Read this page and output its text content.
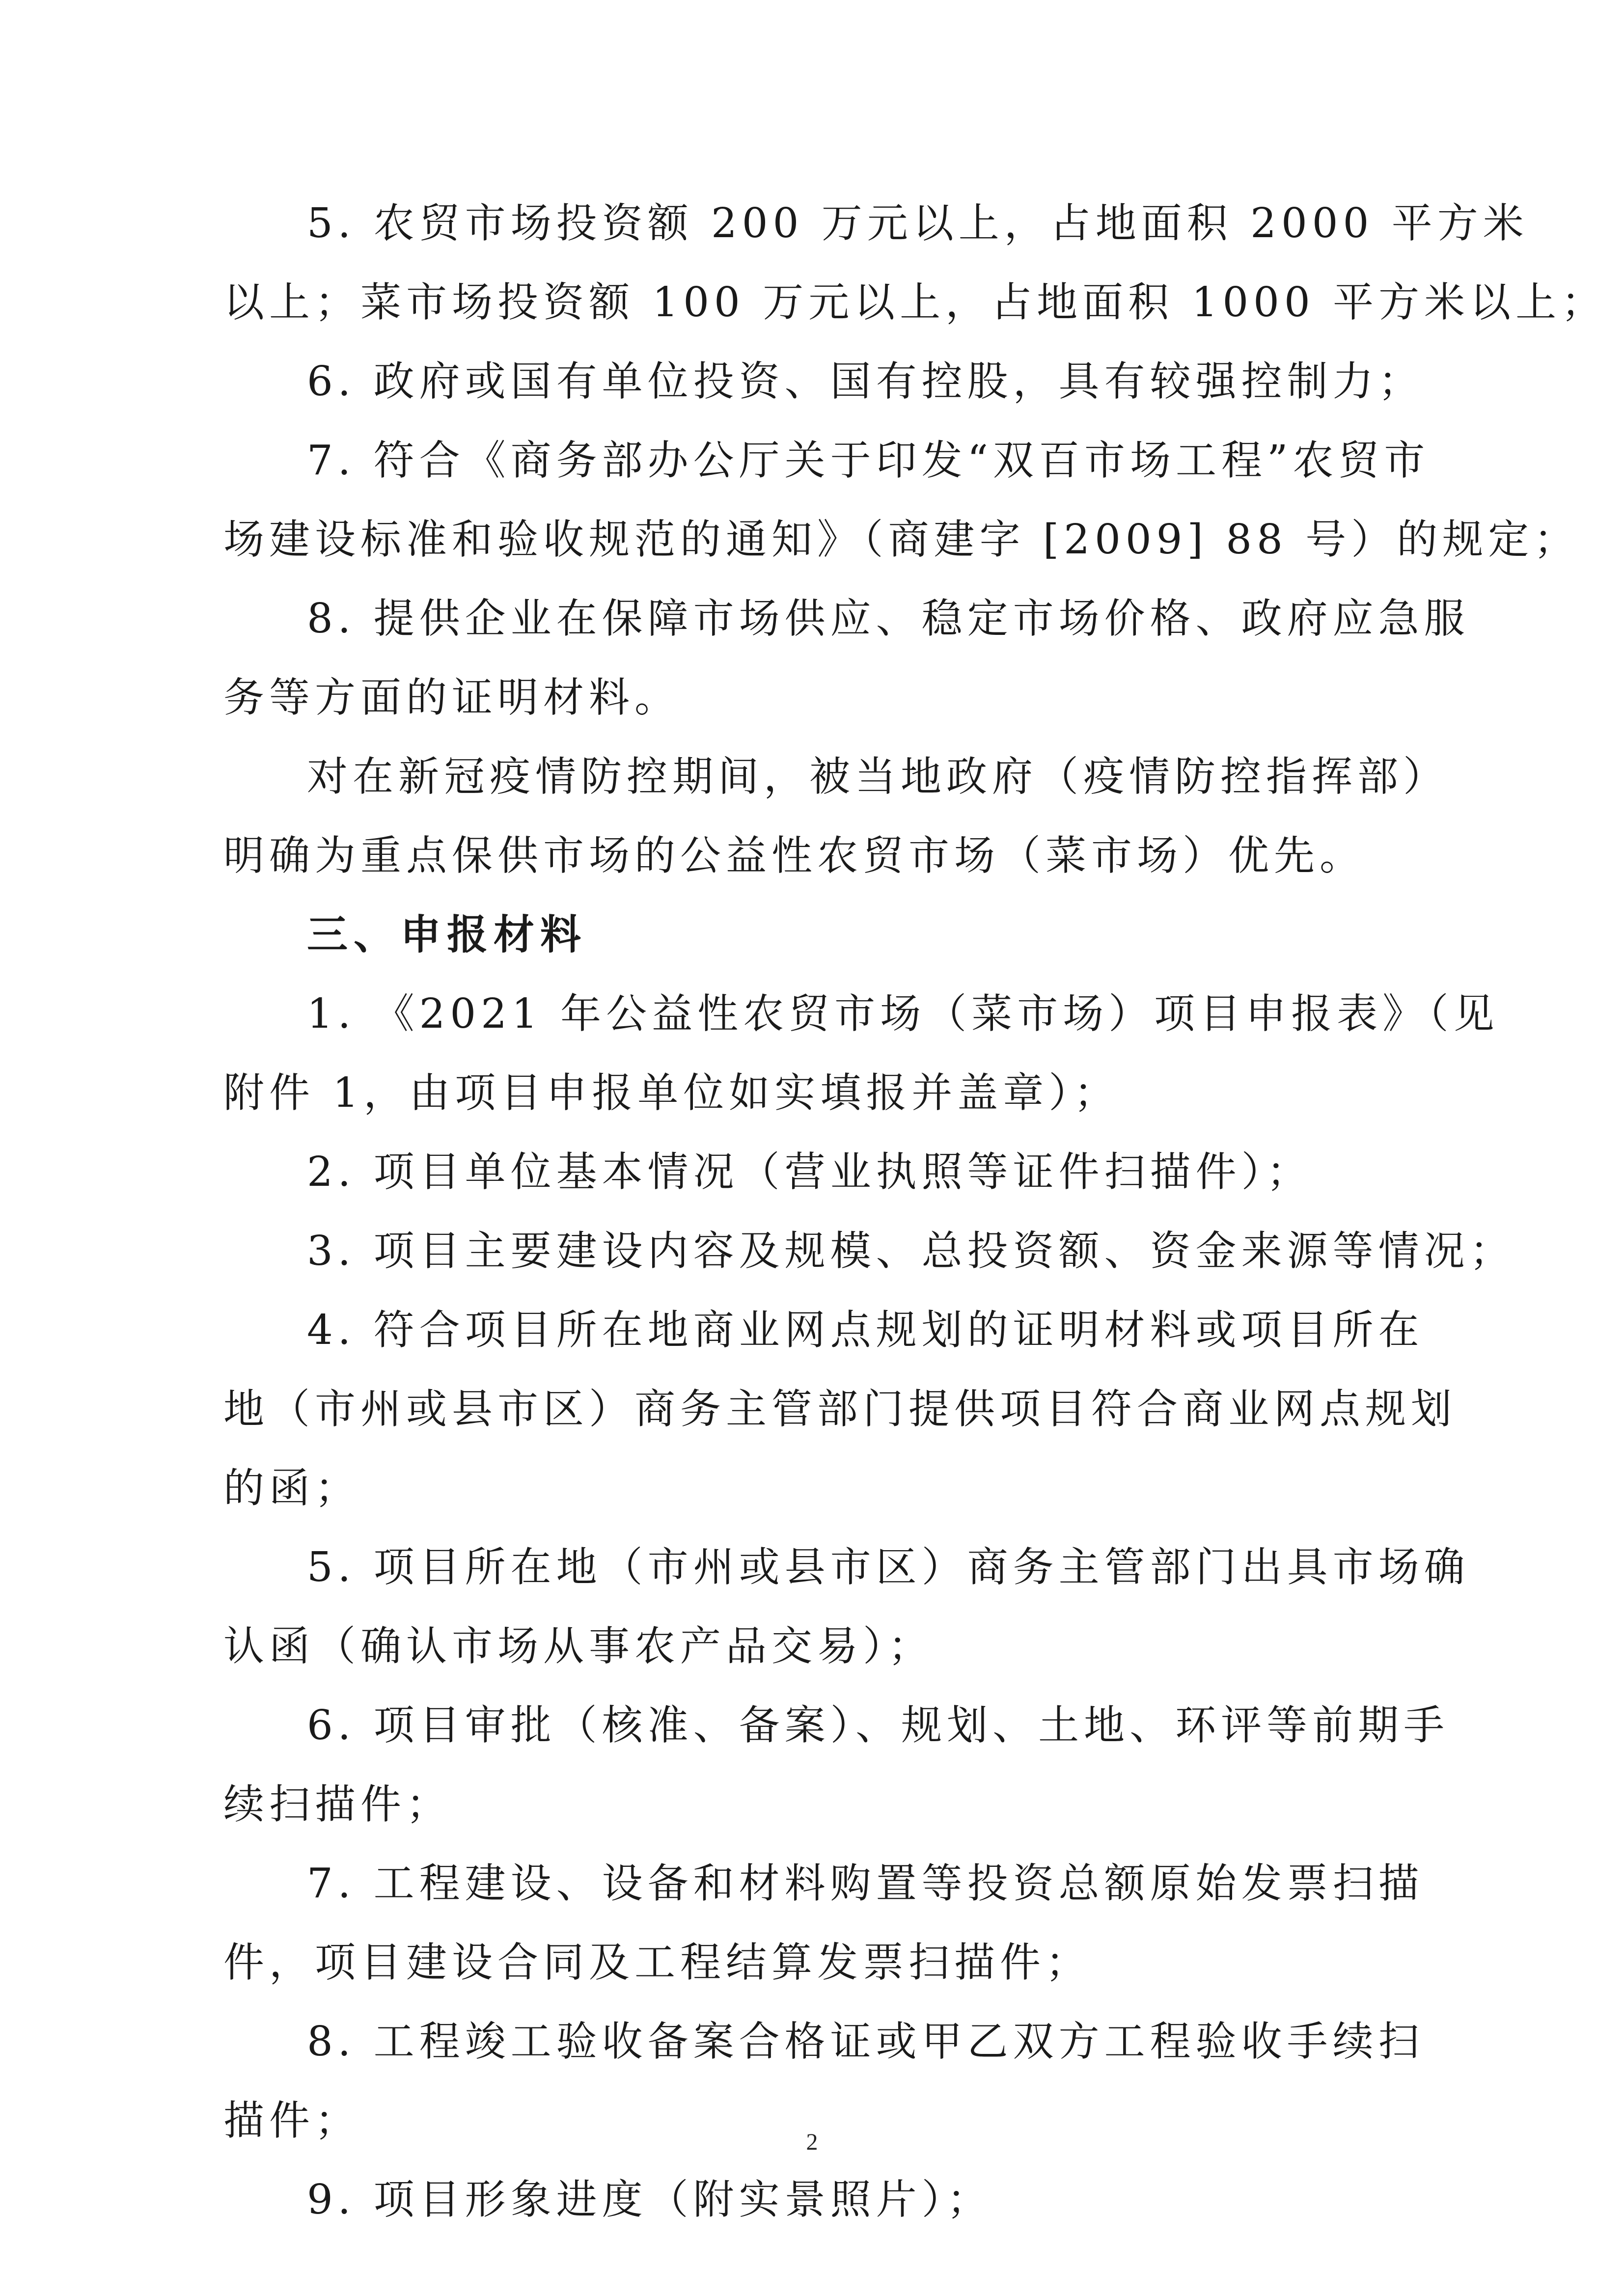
5. 农贸市场投资额 200 万元以上，占地面积 2000 平方米
以上；菜市场投资额 100 万元以上，占地面积 1000 平方米以上；
6. 政府或国有单位投资、国有控股，具有较强控制力；
7. 符合《商务部办公厅关于印发“双百市场工程”农贸市
场建设标准和验收规范的通知》（商建字 [2009] 88 号）的规定；
8. 提供企业在保障市场供应、稳定市场价格、政府应急服
务等方面的证明材料。
对在新冠疫情防控期间，被当地政府（疫情防控指挥部）
明确为重点保供市场的公益性农贸市场（菜市场）优先。
三、申报材料
1. 《2021 年公益性农贸市场（菜市场）项目申报表》（见
附件 1，由项目申报单位如实填报并盖章）；
2. 项目单位基本情况（营业执照等证件扫描件）；
3. 项目主要建设内容及规模、总投资额、资金来源等情况；
4. 符合项目所在地商业网点规划的证明材料或项目所在
地（市州或县市区）商务主管部门提供项目符合商业网点规划
的函；
5. 项目所在地（市州或县市区）商务主管部门出具市场确
认函（确认市场从事农产品交易）；
6. 项目审批（核准、备案）、规划、土地、环评等前期手
续扫描件；
7. 工程建设、设备和材料购置等投资总额原始发票扫描
件，项目建设合同及工程结算发票扫描件；
8. 工程竣工验收备案合格证或甲乙双方工程验收手续扫
描件；
9. 项目形象进度（附实景照片）；
2
